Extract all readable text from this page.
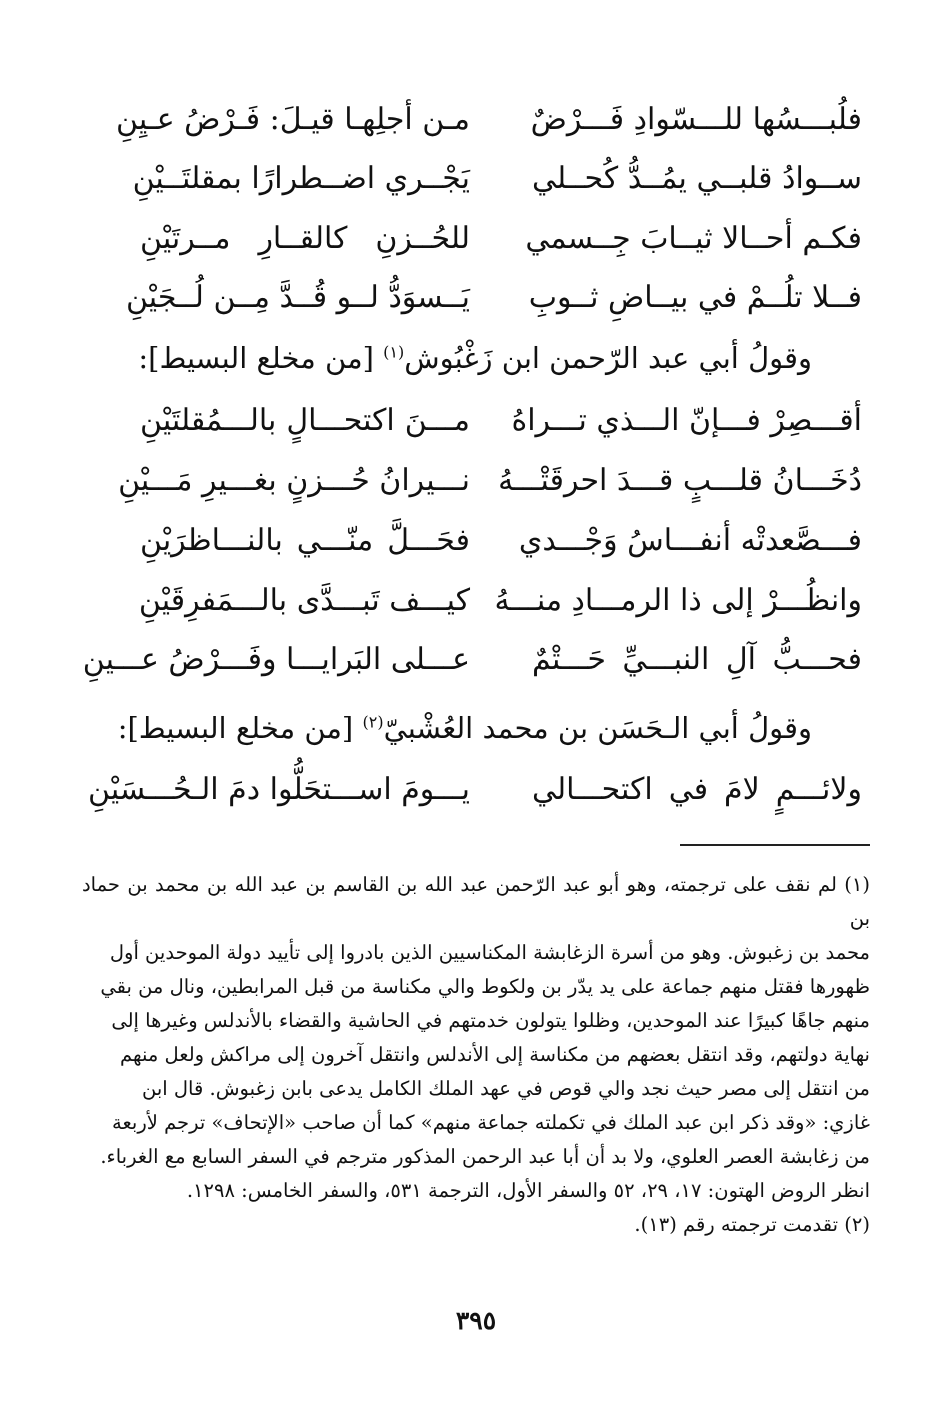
فلُبـــسُها للـــسّوادِ فَـــرْضٌ
مـن أجلِهـا قيـلَ: فَـرْضُ عـيِنِ
ســوادُ قلبــي يمُــدُّ كُحــلي
يَجْــري اضــطرارًا بمقلتَــيْنِ
فكـم أحــالا ثيــابَ جِــسمي
للحُــزنِ كالقــارِ مــرتَيْنِ
فــلا تلُــمْ في بيــاضِ ثــوبِ
يَــسوَدُّ لــو قُــدَّ مِــن لُــجَيْنِ
وقولُ أبي عبد الرّحمن ابن زَغْبُوش$^{(١)}$ [من مخلع البسيط]:
أقـــصِرْ فـــإنّ الـــذي تـــراهُ
مـــنَ اكتحـــالٍ بالـــمُقلتَيْنِ
دُخَـــانُ قلـــبٍ قـــدَ احرقَتْـــهُ
نـــيرانُ حُـــزنٍ بغـــيرِ مَـــيْنِ
فـــصَّعدتْه أنفـــاسُ وَجْـــدي
فحَـــلَّ منّـــي بالنـــاظرَيْنِ
وانظُـــرْ إلى ذا الرمـــادِ منـــهُ
كيـــف تَبـــدَّى بالـــمَفرِقَيْنِ
فحـــبُّ آلِ النبـــيِّ حَـــتْمٌ
عـــلى البَرايـــا وفَـــرْضُ عـــينِ
وقولُ أبي الـحَسَن بن محمد العُشْبيّ$^{(٢)}$ [من مخلع البسيط]:
ولائـــمٍ لامَ في اكتحـــالي
يـــومَ اســـتحَلُّوا دمَ الـحُـــسَيْنِ

(١) لم نقف على ترجمته، وهو أبو عبد الرّحمن عبد الله بن القاسم بن عبد الله بن محمد بن حماد بن

محمد بن زغبوش. وهو من أسرة الزغابشة المكناسيين الذين بادروا إلى تأييد دولة الموحدين أول

ظهورها فقتل منهم جماعة على يد يدّر بن ولكوط والي مكناسة من قبل المرابطين، ونال من بقي

منهم جاهًا كبيرًا عند الموحدين، وظلوا يتولون خدمتهم في الحاشية والقضاء بالأندلس وغيرها إلى

نهاية دولتهم، وقد انتقل بعضهم من مكناسة إلى الأندلس وانتقل آخرون إلى مراكش ولعل منهم

من انتقل إلى مصر حيث نجد والي قوص في عهد الملك الكامل يدعى بابن زغبوش. قال ابن

غازي: «وقد ذكر ابن عبد الملك في تكملته جماعة منهم» كما أن صاحب «الإتحاف» ترجم لأربعة

من زغابشة العصر العلوي، ولا بد أن أبا عبد الرحمن المذكور مترجم في السفر السابع مع الغرباء.

انظر الروض الهتون: ١٧، ٢٩، ٥٢ والسفر الأول، الترجمة ٥٣١، والسفر الخامس: ١٢٩٨.

(٢) تقدمت ترجمته رقم (١٣).

٣٩٥
